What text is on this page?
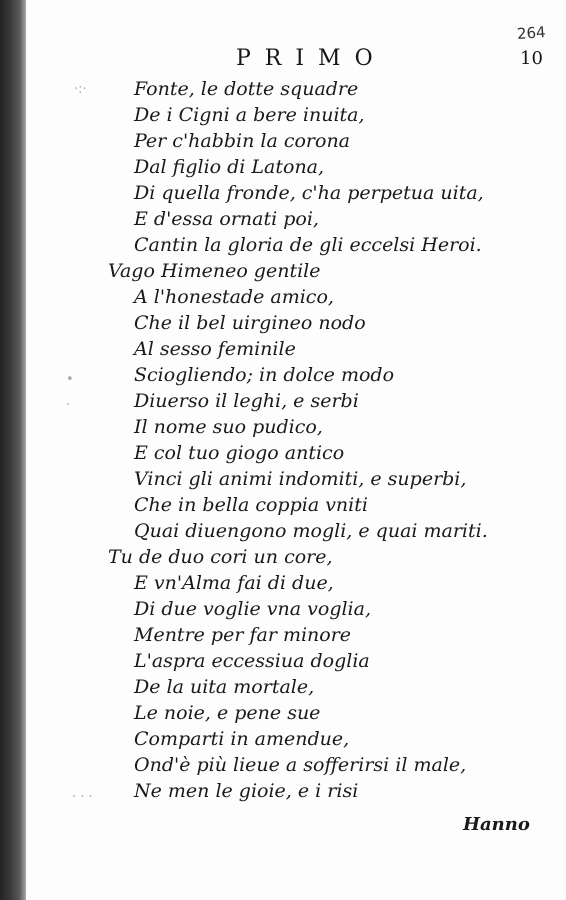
264
PRIMO	10
Fonte, le dotte squadre
De i Cigni a bere inuita,
Per c'habbin la corona
Dal figlio di Latona,
Di quella fronde, c'ha perpetua uita,
E d'essa ornati poi,
Cantin la gloria de gli eccelsi Heroi.
Vago Himeneo gentile
A l'honestade amico,
Che il bel uirgineo nodo
Al sesso feminile
Sciogliendo; in dolce modo
Diuerso il leghi, e serbi
Il nome suo pudico,
E col tuo giogo antico
Vinci gli animi indomiti, e superbi,
Che in bella coppia vniti
Quai diuengono mogli, e quai mariti.
Tu de duo cori un core,
E vn'Alma fai di due,
Di due voglie vna voglia,
Mentre per far minore
L'aspra eccessiua doglia
De la uita mortale,
Le noie, e pene sue
Comparti in amendue,
Ond'è più lieue a sofferirsi il male,
Ne men le gioie, e i risi
Hanno
·:·
•
·
· · ·
